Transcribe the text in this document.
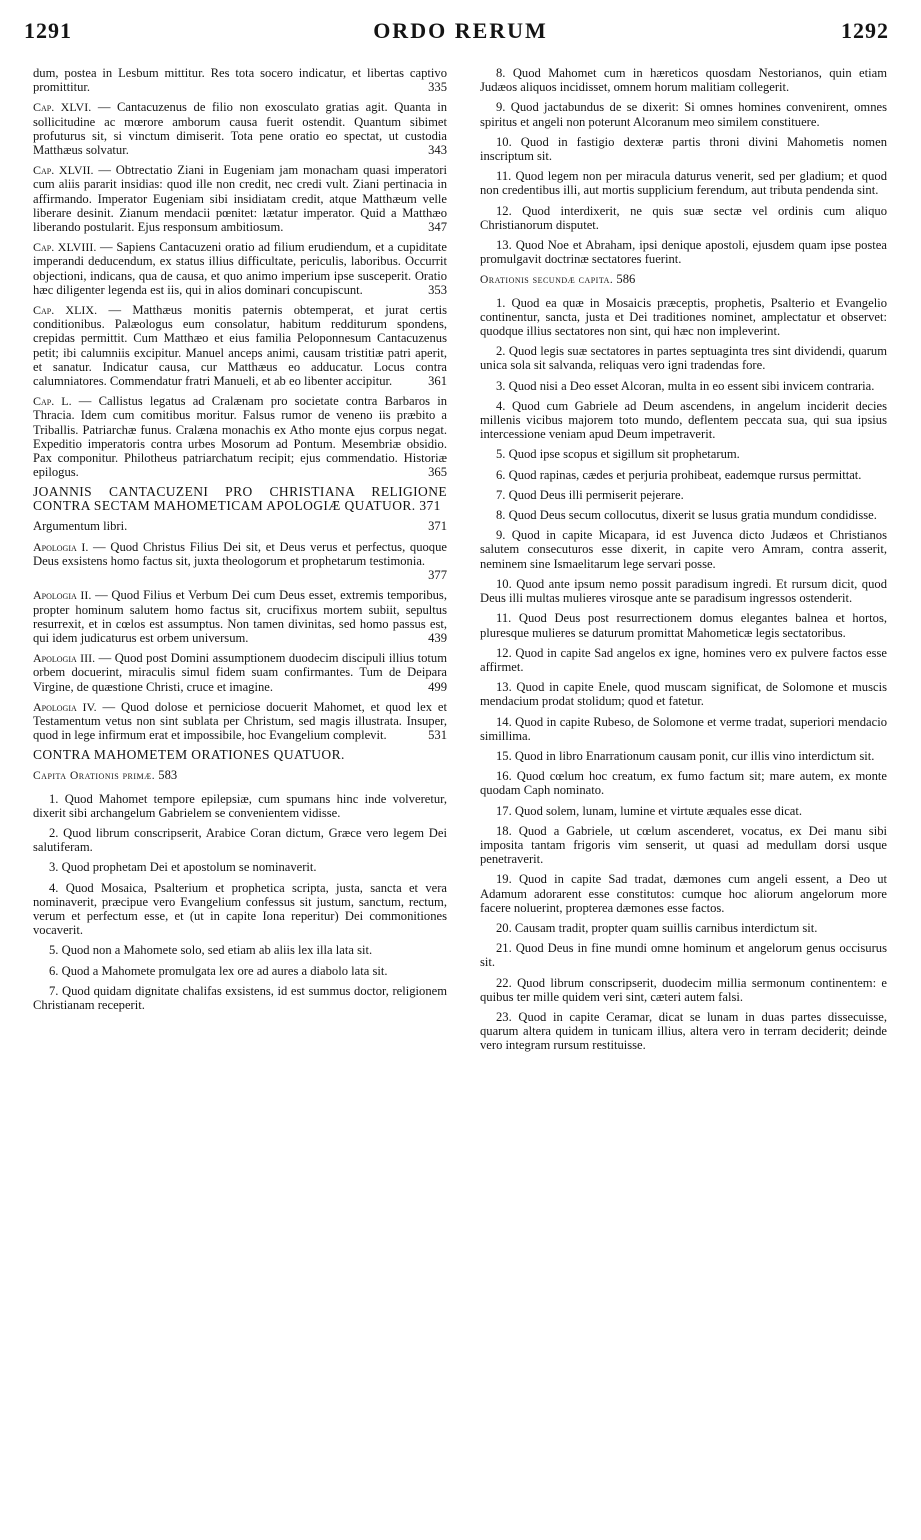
1291	ORDO RERUM	1292
dum, postea in Lesbum mittitur. Res tota socero indicatur, et libertas captivo promittitur.	335
Cap. XLVI. — Cantacuzenus de filio non exosculato gratias agit. Quanta in sollicitudine ac mœrore amborum causa fuerit ostendit. Quantum sibimet profuturus sit, si vinctum dimiserit. Tota pene oratio eo spectat, ut custodia Matthæus solvatur.	343
Cap. XLVII. — Obtrectatio Ziani in Eugeniam jam monacham quasi imperatori cum aliis pararit insidias: quod ille non credit, nec credi vult. Ziani pertinacia in affirmando. Imperator Eugeniam sibi insidiatam credit, atque Matthæum velle liberare desinit. Zianum mendacii pœnitet: lætatur imperator. Quid a Matthæo liberando postularit. Ejus responsum ambitiosum.	347
Cap. XLVIII. — Sapiens Cantacuzeni oratio ad filium erudiendum, et a cupiditate imperandi deducendum, ex status illius difficultate, periculis, laboribus. Occurrit objectioni, indicans, qua de causa, et quo animo imperium ipse susceperit. Oratio hæc diligenter legenda est iis, qui in alios dominari concupiscunt.	353
Cap. XLIX. — Matthæus monitis paternis obtemperat, et jurat certis conditionibus. Palæologus eum consolatur, habitum redditurum spondens, crepidas permittit. Cum Matthæo et eius familia Peloponnesum Cantacuzenus petit; ibi calumniis excipitur. Manuel anceps animi, causam tristitiæ patri aperit, et sanatur. Indicatur causa, cur Matthæus eo adducatur. Locus contra calumniatores. Commendatur fratri Manueli, et ab eo libenter accipitur.	361
Cap. L. — Callistus legatus ad Cralænam pro societate contra Barbaros in Thracia. Idem cum comitibus moritur. Falsus rumor de veneno iis præbito a Triballis. Patriarchæ funus. Cralæna monachis ex Atho monte ejus corpus negat. Expeditio imperatoris contra urbes Mosorum ad Pontum. Mesembriæ obsidio. Pax componitur. Philotheus patriarchatum recipit; ejus commendatio. Historiæ epilogus.	365
JOANNIS CANTACUZENI PRO CHRISTIANA RELIGIONE CONTRA SECTAM MAHOMETICAM APOLOGIÆ QUATUOR. 371
Argumentum libri.	371
Apologia I. — Quod Christus Filius Dei sit, et Deus verus et perfectus, quoque Deus exsistens homo factus sit, juxta theologorum et prophetarum testimonia.
377
Apologia II. — Quod Filius et Verbum Dei cum Deus esset, extremis temporibus, propter hominum salutem homo factus sit, crucifixus mortem subiit, sepultus resurrexit, et in cœlos est assumptus. Non tamen divinitas, sed homo passus est, qui idem judicaturus est orbem universum.	439
Apologia III. — Quod post Domini assumptionem duodecim discipuli illius totum orbem docuerint, miraculis simul fidem suam confirmantes. Tum de Deipara Virgine, de quæstione Christi, cruce et imagine.	499
Apologia IV. — Quod dolose et perniciose docuerit Mahomet, et quod lex et Testamentum vetus non sint sublata per Christum, sed magis illustrata. Insuper, quod in lege infirmum erat et impossibile, hoc Evangelium complevit.	531
CONTRA MAHOMETEM ORATIONES QUATUOR.
Capita Orationis primæ. 583
1. Quod Mahomet tempore epilepsiæ, cum spumans hinc inde volveretur, dixerit sibi archangelum Gabrielem se convenientem vidisse.
2. Quod librum conscripserit, Arabice Coran dictum, Græce vero legem Dei salutiferam.
3. Quod prophetam Dei et apostolum se nominaverit.
4. Quod Mosaica, Psalterium et prophetica scripta, justa, sancta et vera nominaverit, præcipue vero Evangelium confessus sit justum, sanctum, rectum, verum et perfectum esse, et (ut in capite Iona reperitur) Dei commonitiones vocaverit.
5. Quod non a Mahomete solo, sed etiam ab aliis lex illa lata sit.
6. Quod a Mahomete promulgata lex ore ad aures a diabolo lata sit.
7. Quod quidam dignitate chalifas exsistens, id est summus doctor, religionem Christianam receperit.
8. Quod Mahomet cum in hæreticos quosdam Nestorianos, quin etiam Judæos aliquos incidisset, omnem horum malitiam collegerit.
9. Quod jactabundus de se dixerit: Si omnes homines convenirent, omnes spiritus et angeli non poterunt Alcoranum meo similem constituere.
10. Quod in fastigio dexteræ partis throni divini Mahometis nomen inscriptum sit.
11. Quod legem non per miracula daturus venerit, sed per gladium; et quod non credentibus illi, aut mortis supplicium ferendum, aut tributa pendenda sint.
12. Quod interdixerit, ne quis suæ sectæ vel ordinis cum aliquo Christianorum disputet.
13. Quod Noe et Abraham, ipsi denique apostoli, ejusdem quam ipse postea promulgavit doctrinæ sectatores fuerint.
Orationis secundæ capita. 586
1. Quod ea quæ in Mosaicis præceptis, prophetis, Psalterio et Evangelio continentur, sancta, justa et Dei traditiones nominet, amplectatur et observet: quodque illius sectatores non sint, qui hæc non impleverint.
2. Quod legis suæ sectatores in partes septuaginta tres sint dividendi, quarum unica sola sit salvanda, reliquas vero igni tradendas fore.
3. Quod nisi a Deo esset Alcoran, multa in eo essent sibi invicem contraria.
4. Quod cum Gabriele ad Deum ascendens, in angelum inciderit decies millenis vicibus majorem toto mundo, deflentem peccata sua, qui sua ipsius intercessione veniam apud Deum impetraverit.
5. Quod ipse scopus et sigillum sit prophetarum.
6. Quod rapinas, cædes et perjuria prohibeat, eademque rursus permittat.
7. Quod Deus illi permiserit pejerare.
8. Quod Deus secum collocutus, dixerit se lusus gratia mundum condidisse.
9. Quod in capite Micapara, id est Juvenca dicto Judæos et Christianos salutem consecuturos esse dixerit, in capite vero Amram, contra asserit, neminem sine Ismaelitarum lege servari posse.
10. Quod ante ipsum nemo possit paradisum ingredi. Et rursum dicit, quod Deus illi multas mulieres virosque ante se paradisum ingressos ostenderit.
11. Quod Deus post resurrectionem domus elegantes balnea et hortos, pluresque mulieres se daturum promittat Mahometicæ legis sectatoribus.
12. Quod in capite Sad angelos ex igne, homines vero ex pulvere factos esse affirmet.
13. Quod in capite Enele, quod muscam significat, de Solomone et muscis mendacium prodat stolidum; quod et fatetur.
14. Quod in capite Rubeso, de Solomone et verme tradat, superiori mendacio simillima.
15. Quod in libro Enarrationum causam ponit, cur illis vino interdictum sit.
16. Quod cœlum hoc creatum, ex fumo factum sit; mare autem, ex monte quodam Caph nominato.
17. Quod solem, lunam, lumine et virtute æquales esse dicat.
18. Quod a Gabriele, ut cœlum ascenderet, vocatus, ex Dei manu sibi imposita tantam frigoris vim senserit, ut quasi ad medullam dorsi usque penetraverit.
19. Quod in capite Sad tradat, dæmones cum angeli essent, a Deo ut Adamum adorarent esse constitutos: cumque hoc aliorum angelorum more facere noluerint, propterea dæmones esse factos.
20. Causam tradit, propter quam suillis carnibus interdictum sit.
21. Quod Deus in fine mundi omne hominum et angelorum genus occisurus sit.
22. Quod librum conscripserit, duodecim millia sermonum continentem: e quibus ter mille quidem veri sint, cæteri autem falsi.
23. Quod in capite Ceramar, dicat se lunam in duas partes dissecuisse, quarum altera quidem in tunicam illius, altera vero in terram deciderit; deinde vero integram rursum restituisse.
